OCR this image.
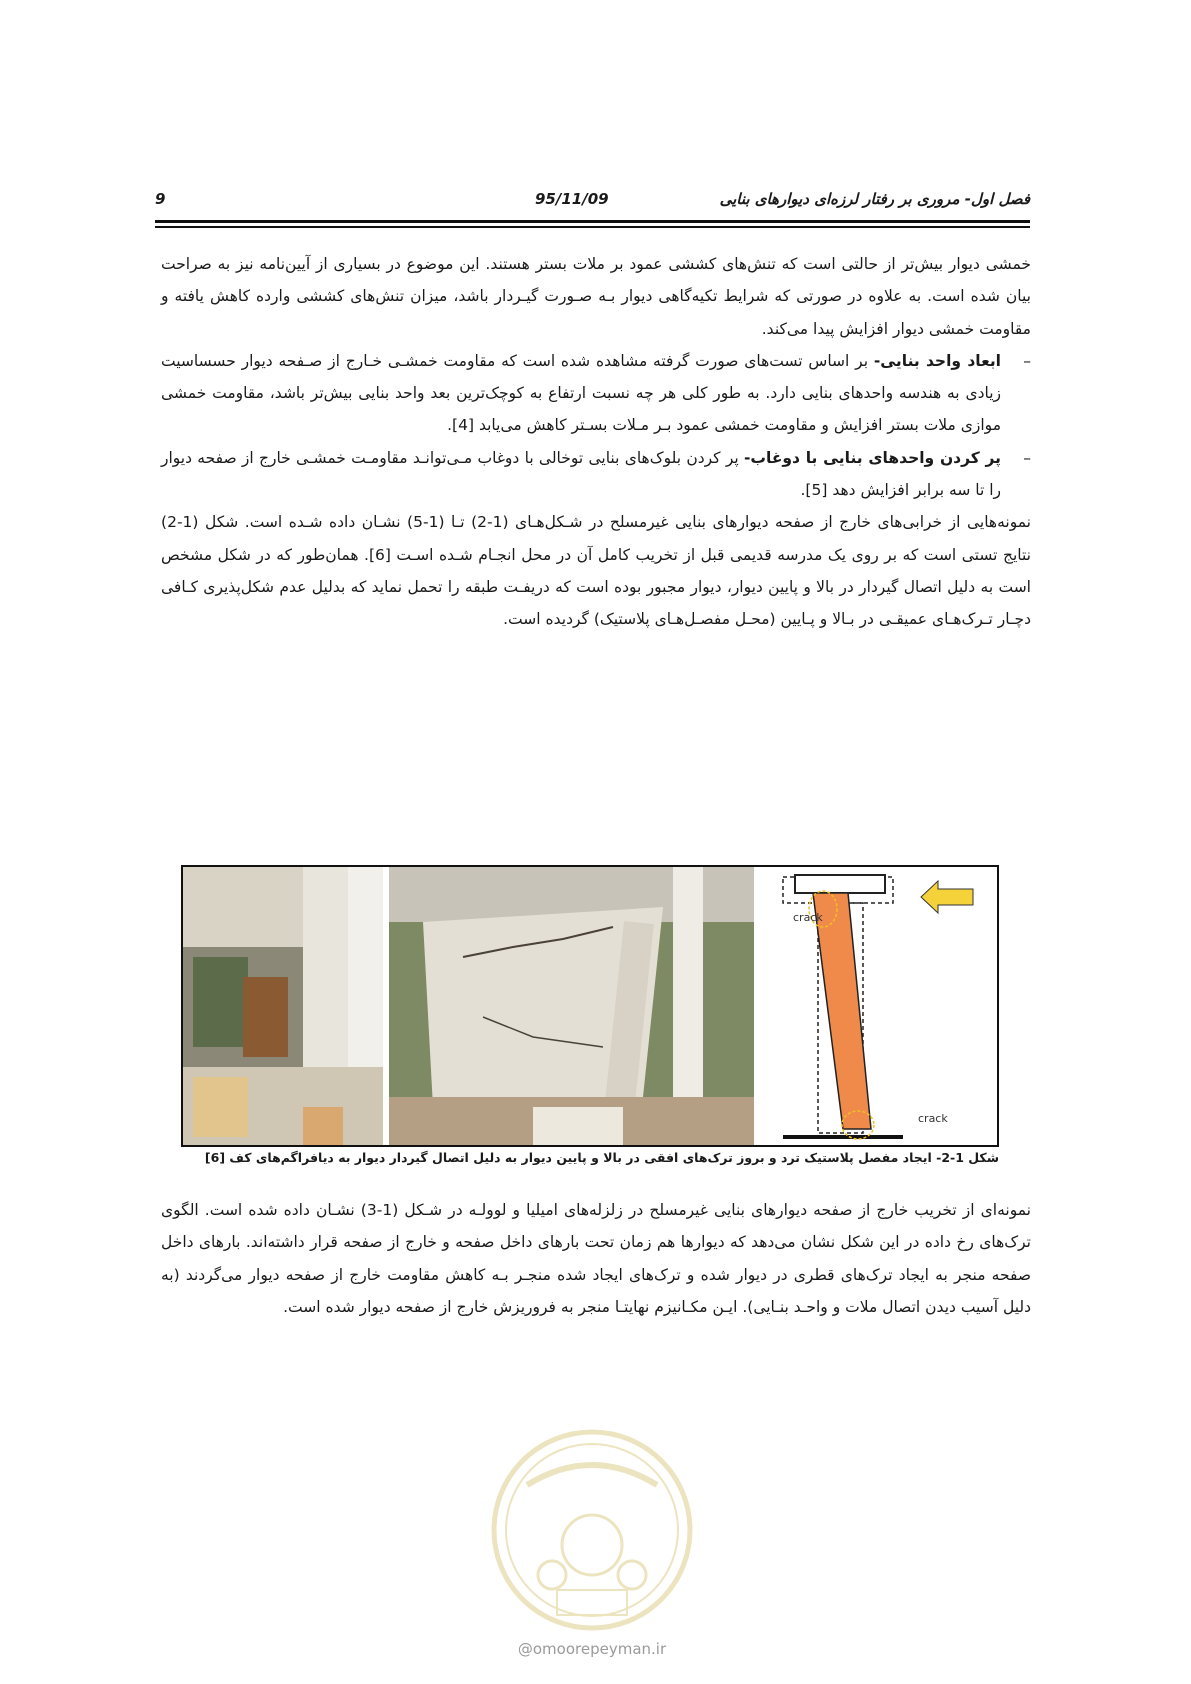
فصل اول- مروری بر رفتار لرزه‌ای دیوارهای بنایی
95/11/09
9

خمشی دیوار بیش‌تر از حالتی است که تنش‌های کششی عمود بر ملات بستر هستند. این موضوع در بسیاری از آیین‌نامه نیز به صراحت بیان شده است. به علاوه در صورتی که شرایط تکیه‌گاهی دیوار بـه صـورت گیـردار باشد، میزان تنش‌های کششی وارده کاهش یافته و مقاومت خمشی دیوار افزایش پیدا می‌کند.

–
ابعاد واحد بنایی- بر اساس تست‌های صورت گرفته مشاهده شده است که مقاومت خمشـی خـارج از صـفحه دیوار حسساسیت زیادی به هندسه واحدهای بنایی دارد. به طور کلی هر چه نسبت ارتفاع به کوچک‌ترین بعد واحد بنایی بیش‌تر باشد، مقاومت خمشی موازی ملات بستر افزایش و مقاومت خمشی عمود بـر مـلات بسـتر کاهش می‌یابد [4].

–
پر کردن واحدهای بنایی با دوغاب- پر کردن بلوک‌های بنایی توخالی با دوغاب مـی‌توانـد مقاومـت خمشـی خارج از صفحه دیوار را تا سه برابر افزایش دهد [5].

نمونه‌هایی از خرابی‌های خارج از صفحه دیوارهای بنایی غیرمسلح در شـکل‌هـای (1-2) تـا (1-5) نشـان داده شـده است. شکل (1-2) نتایج تستی است که بر روی یک مدرسه قدیمی قبل از تخریب کامل آن در محل انجـام شـده اسـت [6]. همان‌طور که در شکل مشخص است به دلیل اتصال گیردار در بالا و پایین دیوار، دیوار مجبور بوده است که دریفـت طبقه را تحمل نماید که بدلیل عدم شکل‌پذیری کـافی دچـار تـرک‌هـای عمیقـی در بـالا و پـایین (محـل مفصـل‌هـای پلاستیک) گردیده است.

crack
crack
شکل 1-2- ایجاد مفصل پلاستیک ترد و بروز ترک‌های افقی در بالا و پایین دیوار به دلیل اتصال گیردار دیوار به دیافراگم‌های کف [6]

نمونه‌ای از تخریب خارج از صفحه دیوارهای بنایی غیرمسلح در زلزله‌های امیلیا و لوولـه در شـکل (1-3) نشـان داده شده است. الگوی ترک‌های رخ داده در این شکل نشان می‌دهد که دیوارها هم زمان تحت بارهای داخل صفحه و خارج از صفحه قرار داشته‌اند. بارهای داخل صفحه منجر به ایجاد ترک‌های قطری در دیوار شده و ترک‌های ایجاد شده منجـر بـه کاهش مقاومت خارج از صفحه دیوار می‌گردند (به دلیل آسیب دیدن اتصال ملات و واحـد بنـایی). ایـن مکـانیزم نهایتـا منجر به فروریزش خارج از صفحه دیوار شده است.

@omoorepeyman.ir
